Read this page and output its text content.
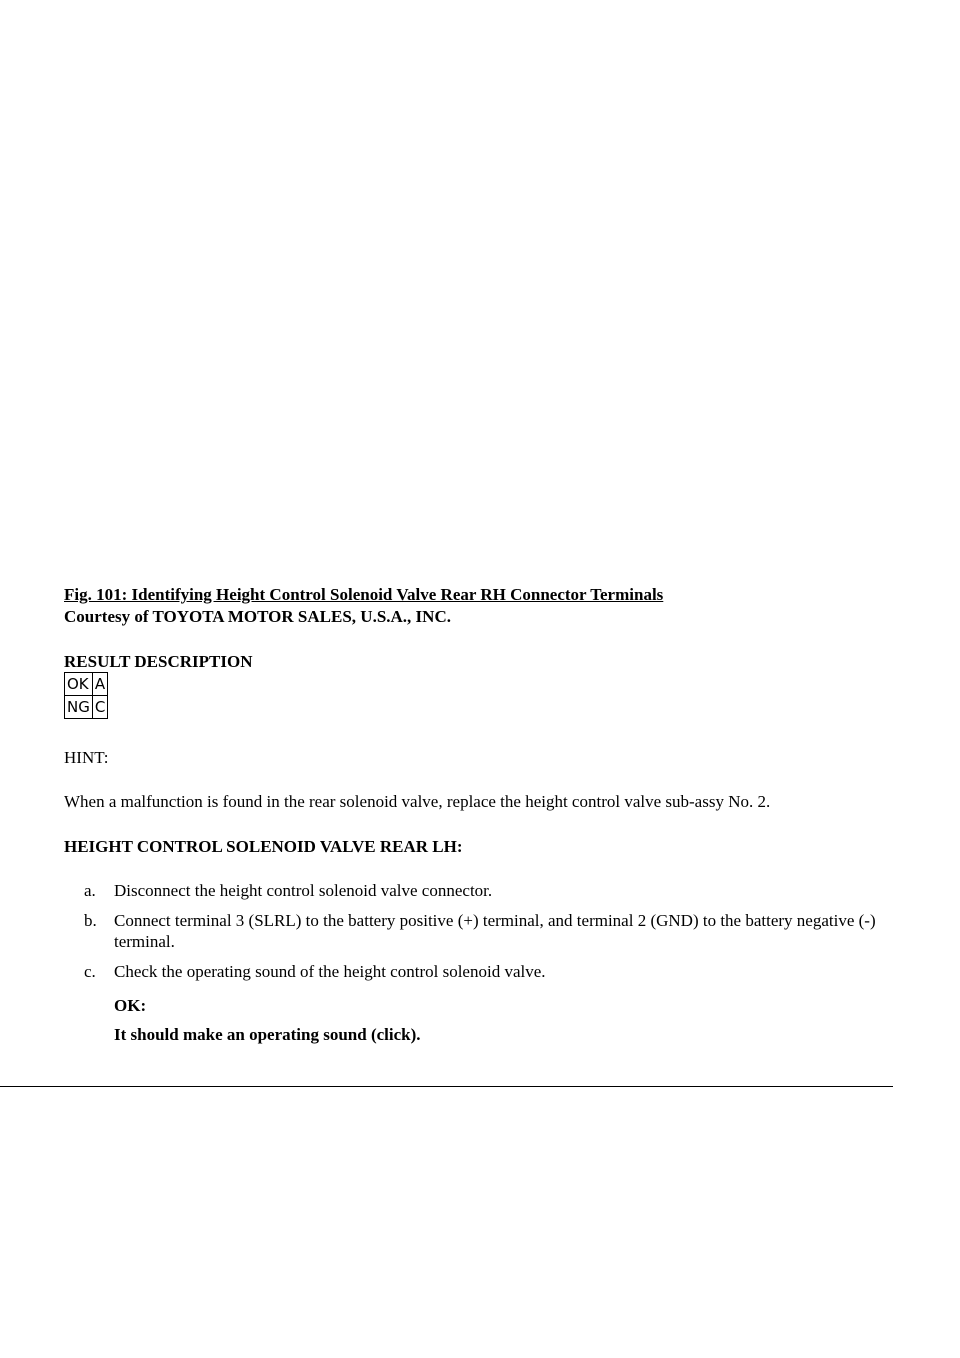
Fig. 101: Identifying Height Control Solenoid Valve Rear RH Connector Terminals
Courtesy of TOYOTA MOTOR SALES, U.S.A., INC.
RESULT DESCRIPTION
OK	A
NG	C
HINT:
When a malfunction is found in the rear solenoid valve, replace the height control valve sub-assy No. 2.
HEIGHT CONTROL SOLENOID VALVE REAR LH:
a. Disconnect the height control solenoid valve connector.
b. Connect terminal 3 (SLRL) to the battery positive (+) terminal, and terminal 2 (GND) to the battery negative (-) terminal.
c. Check the operating sound of the height control solenoid valve.
OK:
It should make an operating sound (click).
